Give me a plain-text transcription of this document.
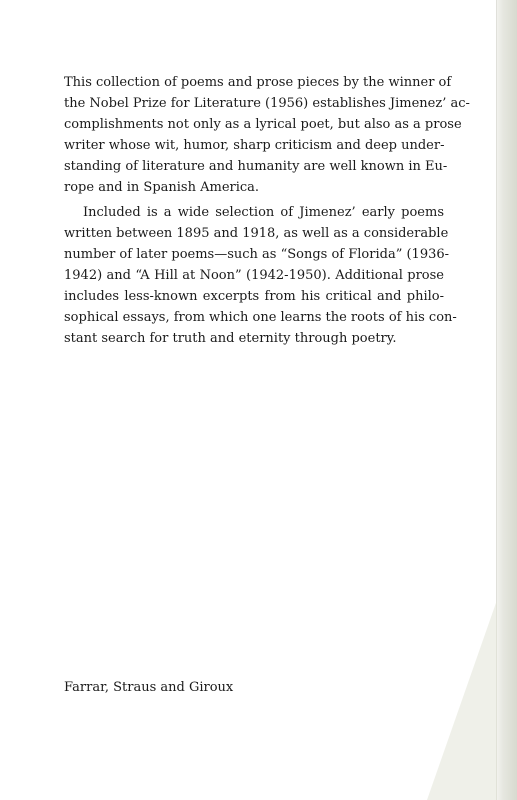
This collection of poems and prose pieces by the winner of
the Nobel Prize for Literature (1956) establishes Jimenez’ ac-
complishments not only as a lyrical poet, but also as a prose
writer whose wit, humor, sharp criticism and deep under-
standing of literature and humanity are well known in Eu-
rope and in Spanish America.
Included is a wide selection of Jimenez’ early poems
written between 1895 and 1918, as well as a considerable
number of later poems—such as “Songs of Florida” (1936-
1942) and “A Hill at Noon” (1942-1950). Additional prose
includes less-known excerpts from his critical and philo-
sophical essays, from which one learns the roots of his con-
stant search for truth and eternity through poetry.
Farrar, Straus and Giroux
